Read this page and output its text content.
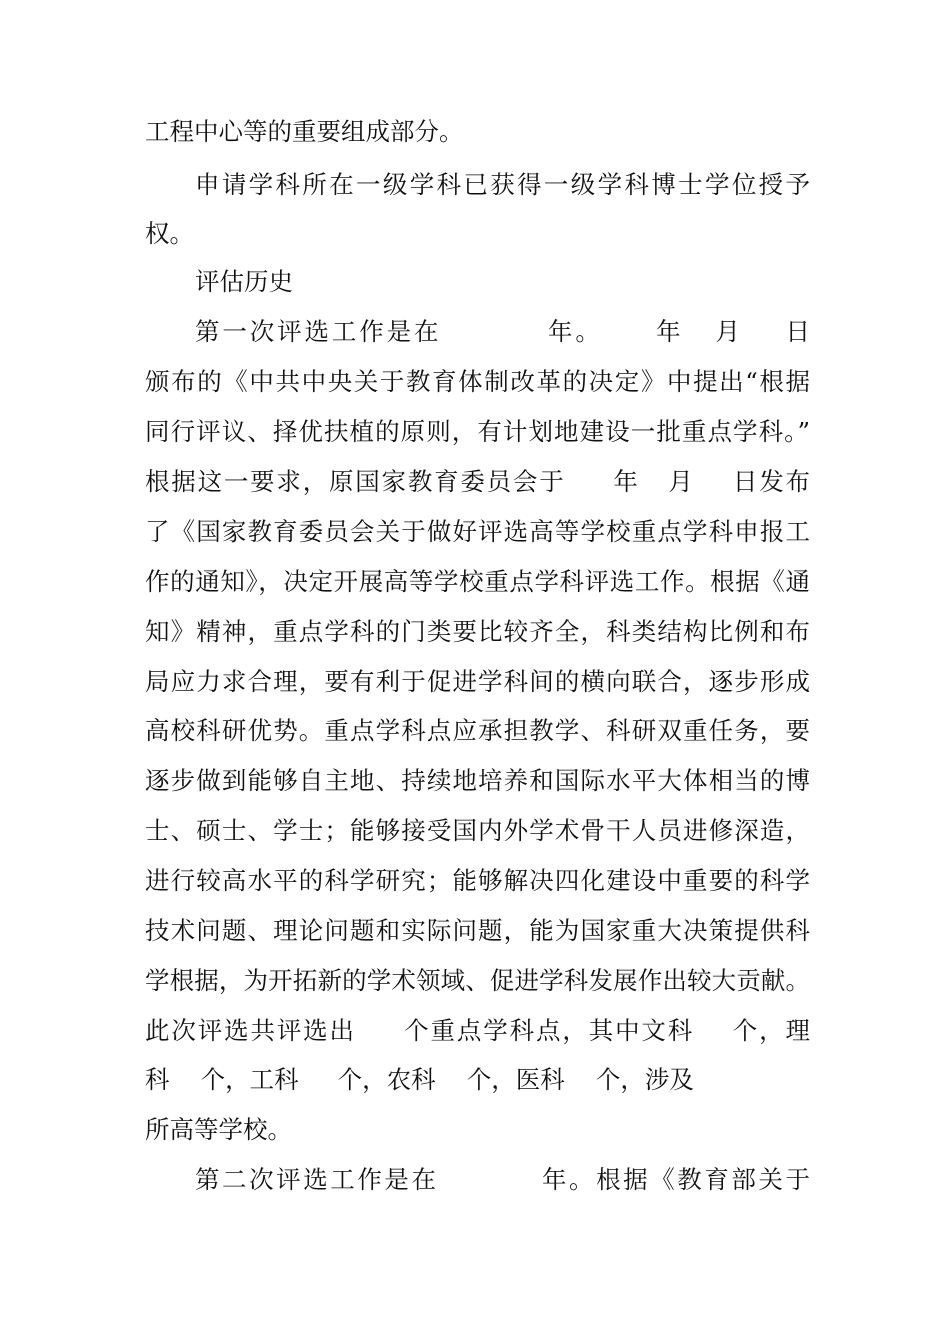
工程中心等的重要组成部分。
申请学科所在一级学科已获得一级学科博士学位授予
权。
评估历史
第一次评选工作是在          年。     年   月    日
颁布的《中共中央关于教育体制改革的决定》中提出“根据
同行评议、择优扶植的原则，有计划地建设一批重点学科。”
根据这一要求，原国家教育委员会于     年   月    日发布
了《国家教育委员会关于做好评选高等学校重点学科申报工
作的通知》，决定开展高等学校重点学科评选工作。根据《通
知》精神，重点学科的门类要比较齐全，科类结构比例和布
局应力求合理，要有利于促进学科间的横向联合，逐步形成
高校科研优势。重点学科点应承担教学、科研双重任务，要
逐步做到能够自主地、持续地培养和国际水平大体相当的博
士、硕士、学士；能够接受国内外学术骨干人员进修深造，
进行较高水平的科学研究；能够解决四化建设中重要的科学
技术问题、理论问题和实际问题，能为国家重大决策提供科
学根据，为开拓新的学术领域、促进学科发展作出较大贡献。
此次评选共评选出     个重点学科点，其中文科    个，理
科    个，工科     个，农科    个，医科    个，涉及
所高等学校。
第二次评选工作是在          年。根据《教育部关于
